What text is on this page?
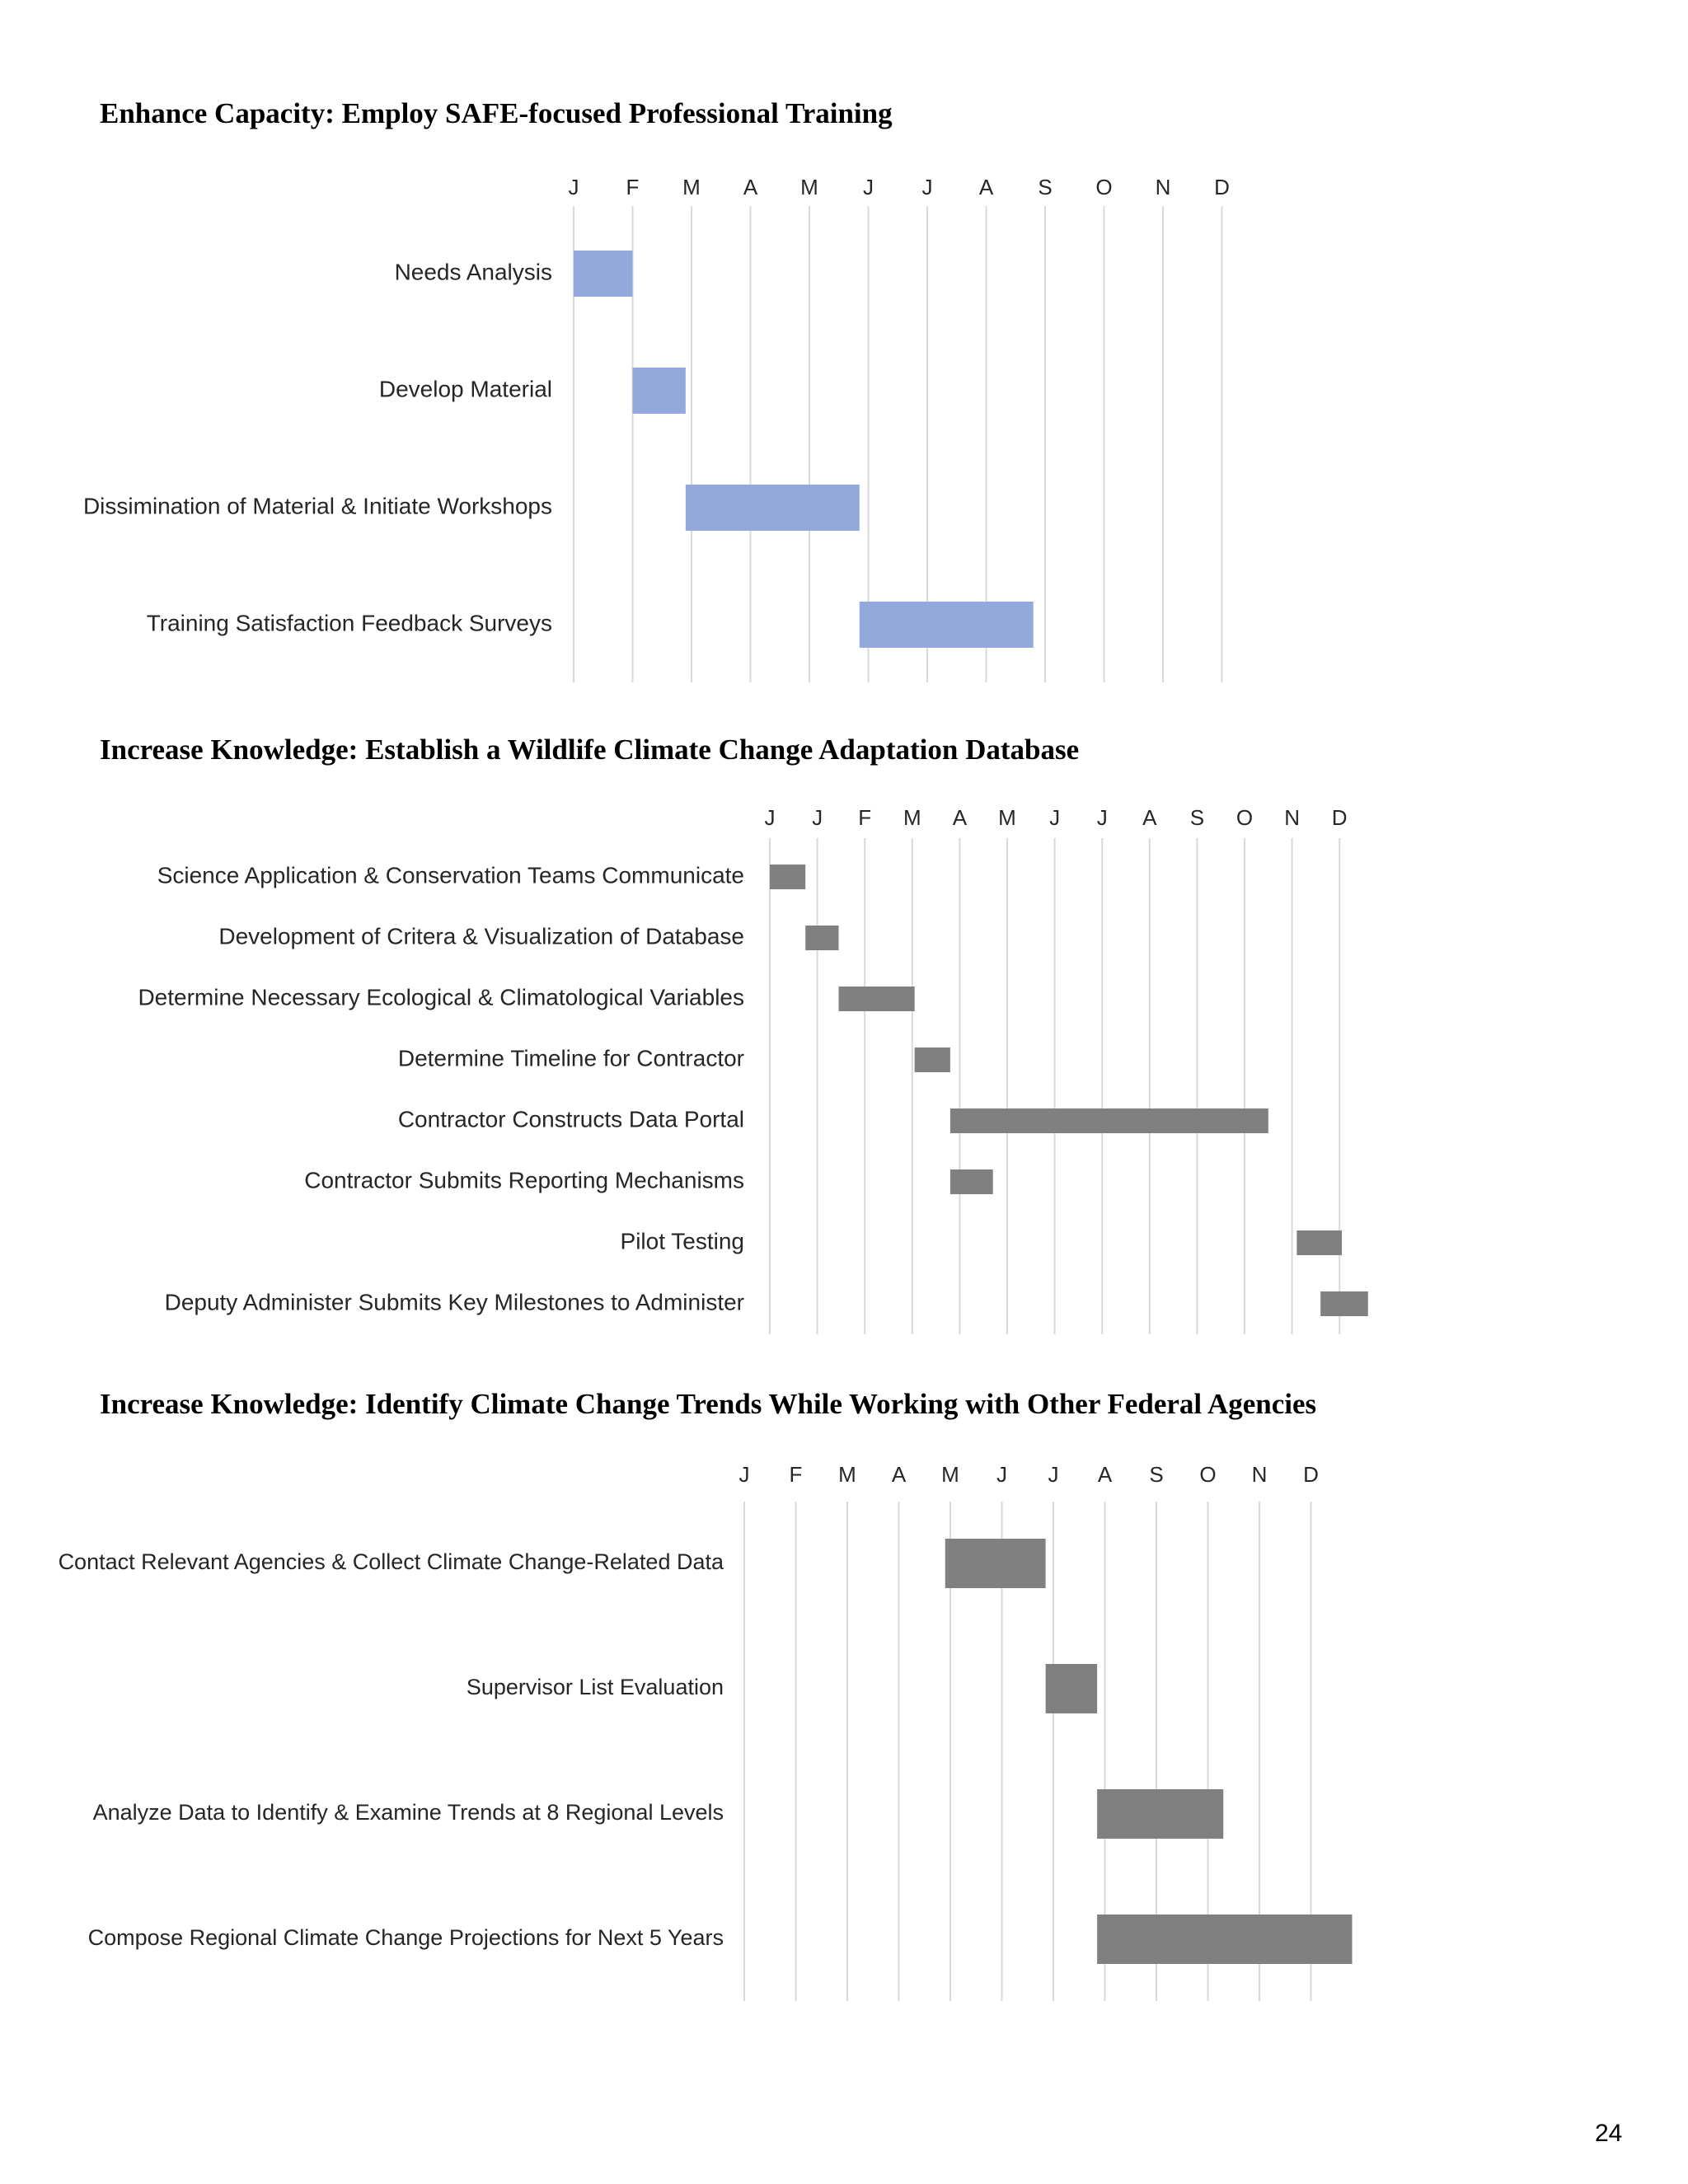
Enhance Capacity: Employ SAFE-focused Professional Training
J F M A M J J A S O N D
Needs Analysis
Develop Material
Dissimination of Material & Initiate Workshops
Training Satisfaction Feedback Surveys
Increase Knowledge: Establish a Wildlife Climate Change Adaptation Database
J J F M A M J J A S O N D
Science Application & Conservation Teams Communicate
Development of Critera & Visualization of Database
Determine Necessary Ecological & Climatological Variables
Determine Timeline for Contractor
Contractor Constructs Data Portal
Contractor Submits Reporting Mechanisms
Pilot Testing
Deputy Administer Submits Key Milestones to Administer
Increase Knowledge: Identify Climate Change Trends While Working with Other Federal Agencies
J F M A M J J A S O N D
Contact Relevant Agencies & Collect Climate Change-Related Data
Supervisor List Evaluation
Analyze Data to Identify & Examine Trends at 8 Regional Levels
Compose Regional Climate Change Projections for Next 5 Years
24
